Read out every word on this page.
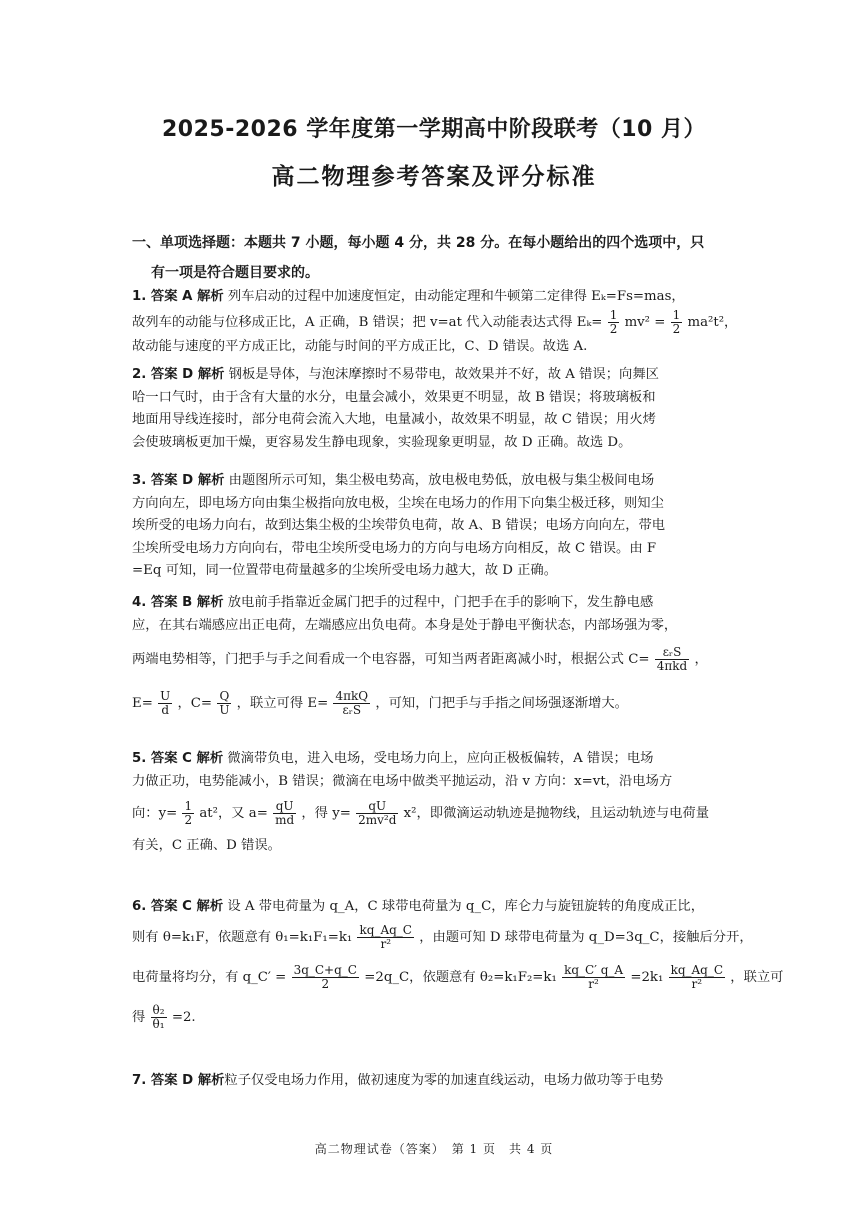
2025-2026 学年度第一学期高中阶段联考（10 月）
高二物理参考答案及评分标准
一、单项选择题：本题共 7 小题，每小题 4 分，共 28 分。在每小题给出的四个选项中，只
有一项是符合题目要求的。
1. 答案 A 解析 列车启动的过程中加速度恒定，由动能定理和牛顿第二定律得 Eₖ=Fs=mas，
故列车的动能与位移成正比，A 正确，B 错误；把 v=at 代入动能表达式得 $E_k= \frac{1}{2} mv^2 = \frac{1}{2} ma^2t^2$，
故动能与速度的平方成正比，动能与时间的平方成正比，C、D 错误。故选 A.
2. 答案 D 解析 钢板是导体，与泡沫摩擦时不易带电，故效果并不好，故 A 错误；向舞区
哈一口气时，由于含有大量的水分，电量会减小，效果更不明显，故 B 错误；将玻璃板和
地面用导线连接时，部分电荷会流入大地，电量减小，故效果不明显，故 C 错误；用火烤
会使玻璃板更加干燥，更容易发生静电现象，实验现象更明显，故 D 正确。故选 D。
3. 答案 D 解析 由题图所示可知，集尘极电势高，放电极电势低，放电极与集尘极间电场
方向向左，即电场方向由集尘极指向放电极，尘埃在电场力的作用下向集尘极迁移，则知尘
埃所受的电场力向右，故到达集尘极的尘埃带负电荷，故 A、B 错误；电场方向向左，带电
尘埃所受电场力方向向右，带电尘埃所受电场力的方向与电场方向相反，故 C 错误。由 F
=Eq 可知，同一位置带电荷量越多的尘埃所受电场力越大，故 D 正确。
4. 答案 B 解析 放电前手指靠近金属门把手的过程中，门把手在手的影响下，发生静电感
应，在其右端感应出正电荷，左端感应出负电荷。本身是处于静电平衡状态，内部场强为零，
两端电势相等，门把手与手之间看成一个电容器，可知当两者距离减小时，根据公式 $C= \frac{\text{εᵣS}}{\text{4πkd}}$ ，
$E= \frac{U}{d}$ ，$C= \frac{Q}{U}$ ，联立可得 $E= \frac{\text{4πkQ}}{\text{εᵣS}}$ ，可知，门把手与手指之间场强逐渐增大。
5. 答案 C 解析 微滴带负电，进入电场，受电场力向上，应向正极板偏转，A 错误；电场
力做正功，电势能减小，B 错误；微滴在电场中做类平抛运动，沿 v 方向：x=vt，沿电场方
向：$y= \frac{1}{2} at^2$，又 $a= \frac{qU}{md}$ ，得 $y= \frac{qU}{\text{2mv²d}} x^2$，即微滴运动轨迹是抛物线，且运动轨迹与电荷量
有关，C 正确、D 错误。
6. 答案 C 解析 设 A 带电荷量为 q_A，C 球带电荷量为 q_C，库仑力与旋钮旋转的角度成正比，
则有 θ=k₁F，依题意有 $\theta_1=k_1F_1=k_1 \frac{kq\_Aq\_C}{\text{r²}}$ ，由题可知 D 球带电荷量为 q_D=3q_C，接触后分开，
电荷量将均分，有 q_C′ = $\frac{3q\_C+q\_C}{2}$ =2q_C，依题意有 $\theta_2=k_1F_2=k_1 \frac{kq\_C' q\_A}{\text{r²}} =2k_1 \frac{kq\_Aq\_C}{\text{r²}}$ ，联立可
得 $\frac{\text{θ₂}}{\text{θ₁}} =2$.
7. 答案 D 解析粒子仅受电场力作用，做初速度为零的加速直线运动，电场力做功等于电势
高二物理试卷（答案）　第 1 页　共 4 页
